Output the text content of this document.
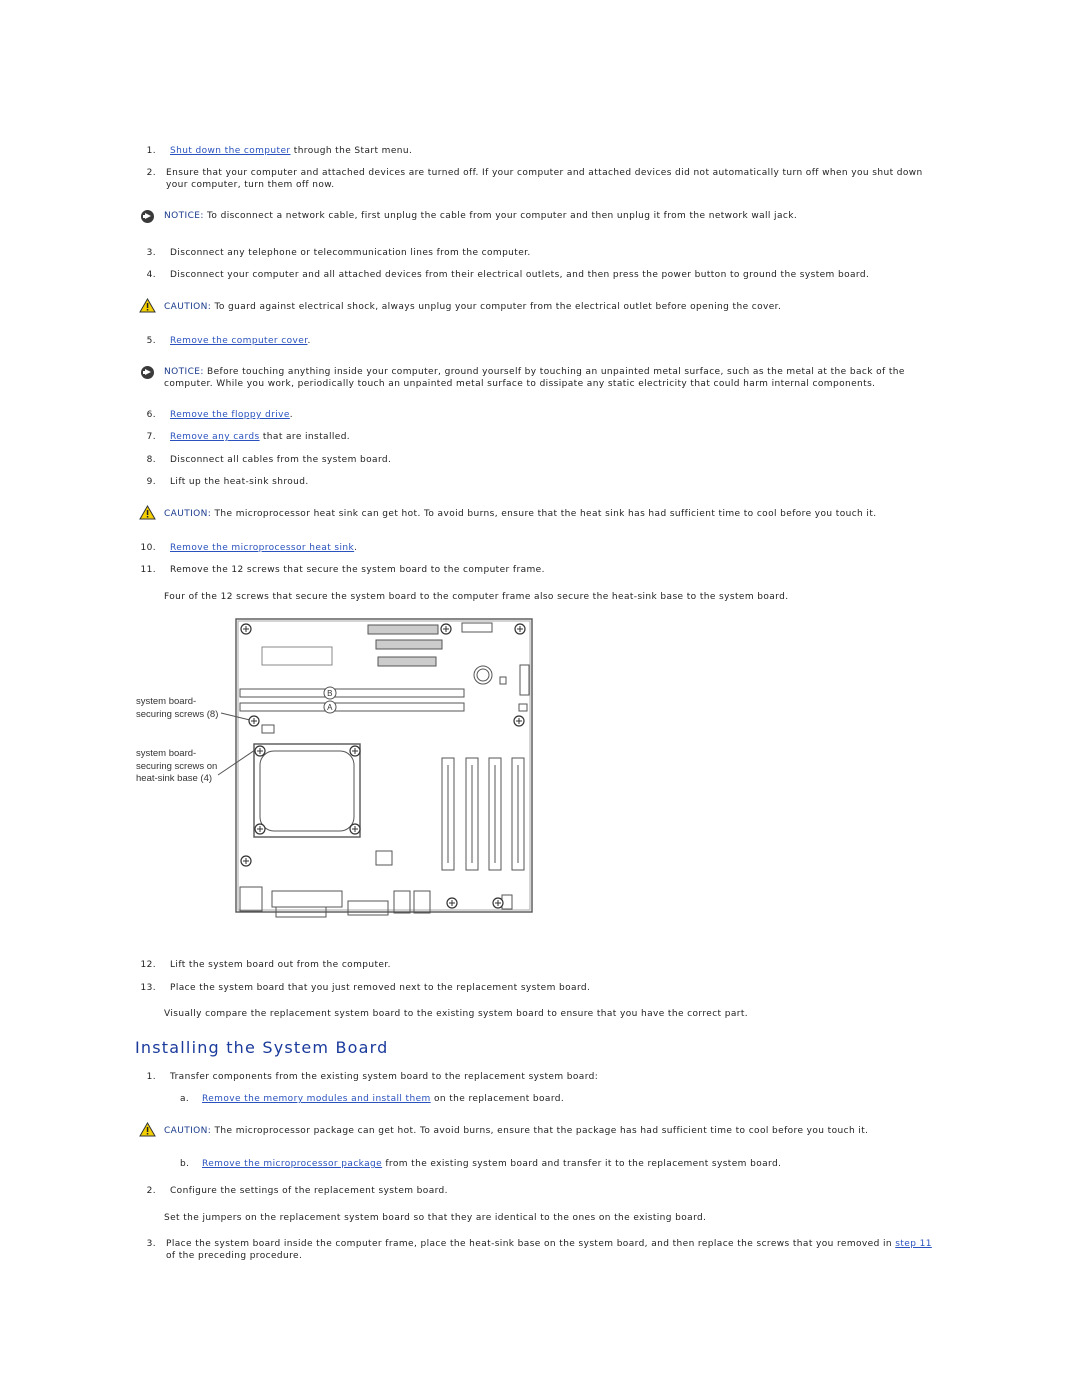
1. Shut down the computer through the Start menu.
2. Ensure that your computer and attached devices are turned off. If your computer and attached devices did not automatically turn off when you shut down your computer, turn them off now.
NOTICE: To disconnect a network cable, first unplug the cable from your computer and then unplug it from the network wall jack.
3. Disconnect any telephone or telecommunication lines from the computer.
4. Disconnect your computer and all attached devices from their electrical outlets, and then press the power button to ground the system board.
CAUTION: To guard against electrical shock, always unplug your computer from the electrical outlet before opening the cover.
5. Remove the computer cover.
NOTICE: Before touching anything inside your computer, ground yourself by touching an unpainted metal surface, such as the metal at the back of the computer. While you work, periodically touch an unpainted metal surface to dissipate any static electricity that could harm internal components.
6. Remove the floppy drive.
7. Remove any cards that are installed.
8. Disconnect all cables from the system board.
9. Lift up the heat-sink shroud.
CAUTION: The microprocessor heat sink can get hot. To avoid burns, ensure that the heat sink has had sufficient time to cool before you touch it.
10. Remove the microprocessor heat sink.
11. Remove the 12 screws that secure the system board to the computer frame.
Four of the 12 screws that secure the system board to the computer frame also secure the heat-sink base to the system board.
system board-
securing screws (8)
system board-
securing screws on
heat-sink base (4)
B
A
12. Lift the system board out from the computer.
13. Place the system board that you just removed next to the replacement system board.
Visually compare the replacement system board to the existing system board to ensure that you have the correct part.
Installing the System Board
1. Transfer components from the existing system board to the replacement system board:
a. Remove the memory modules and install them on the replacement board.
CAUTION: The microprocessor package can get hot. To avoid burns, ensure that the package has had sufficient time to cool before you touch it.
b. Remove the microprocessor package from the existing system board and transfer it to the replacement system board.
2. Configure the settings of the replacement system board.
Set the jumpers on the replacement system board so that they are identical to the ones on the existing board.
3. Place the system board inside the computer frame, place the heat-sink base on the system board, and then replace the screws that you removed in step 11 of the preceding procedure.
